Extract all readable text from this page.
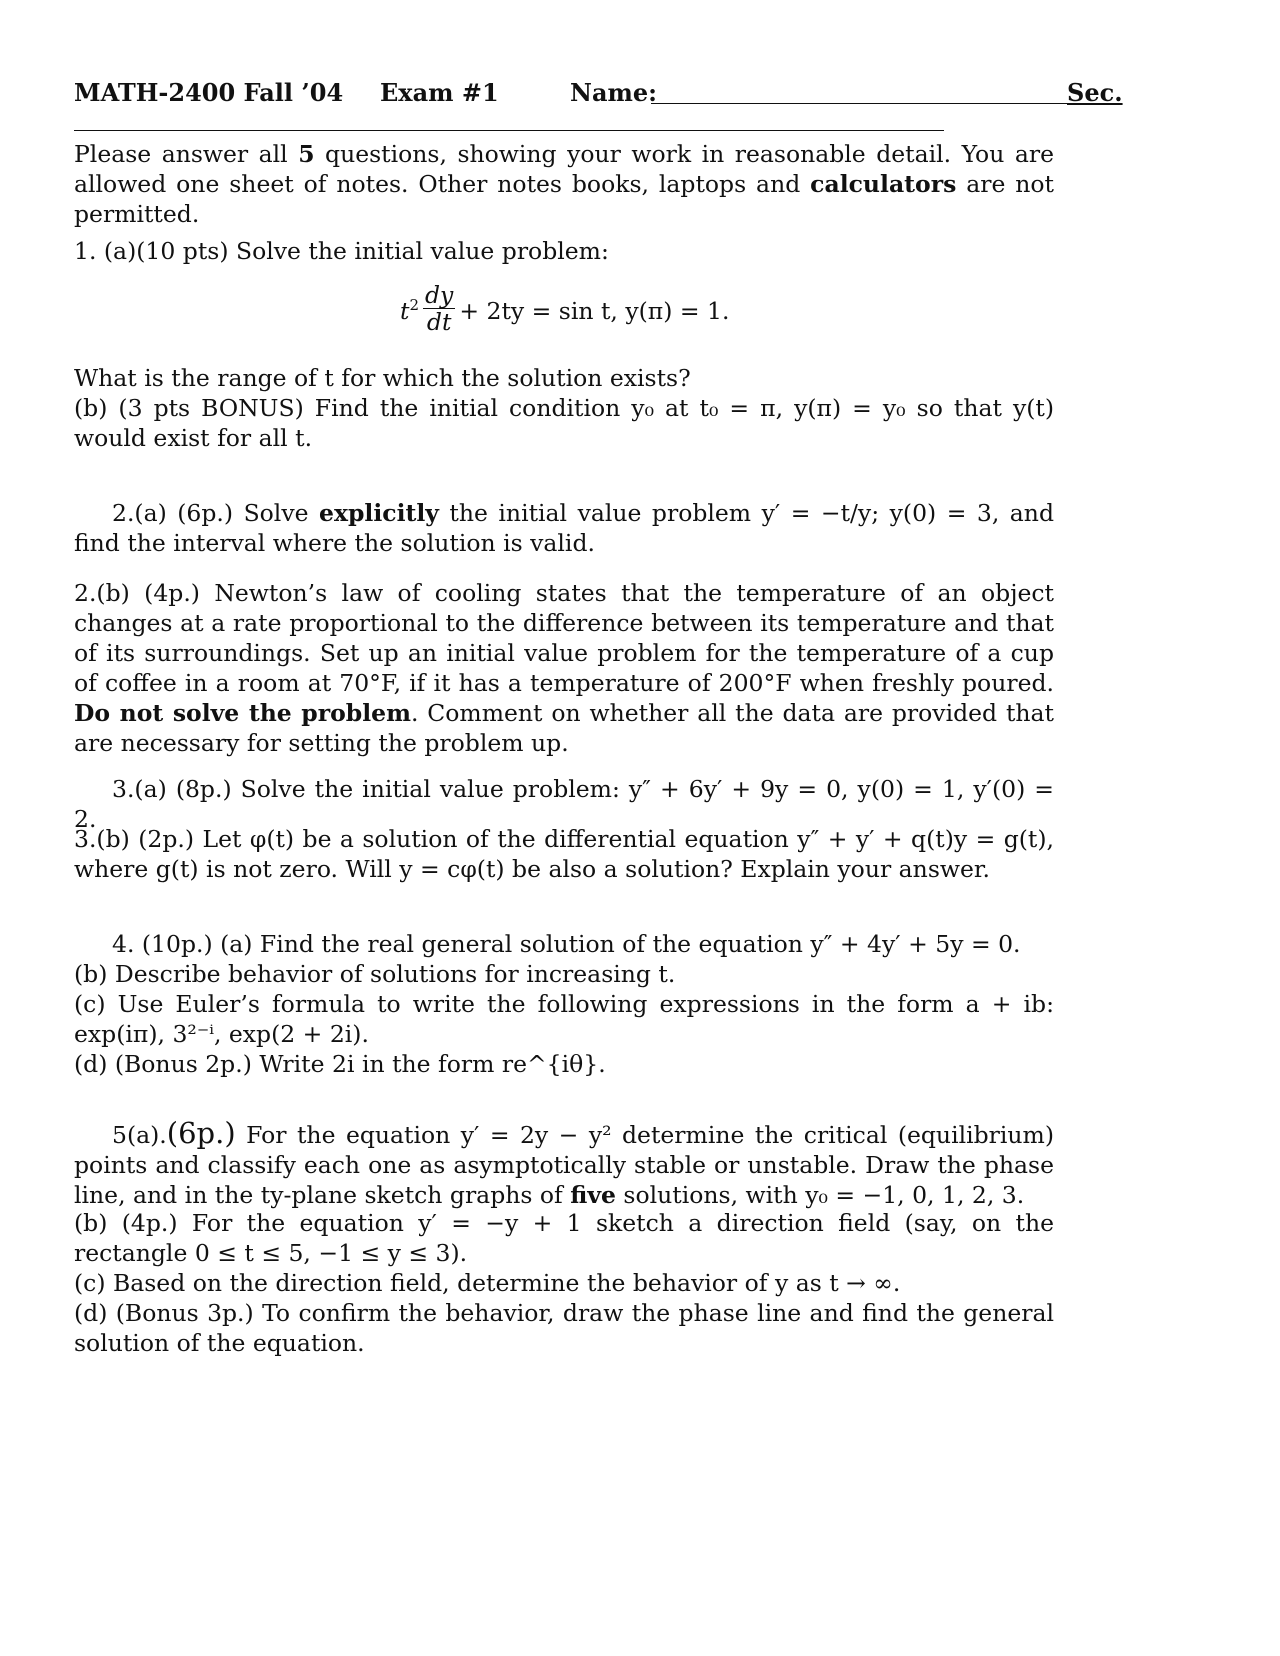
MATH-2400 Fall ’04 Exam #1	Name:	Sec.
Please answer all 5 questions, showing your work in reasonable detail. You are allowed one sheet of notes. Other notes books, laptops and calculators are not permitted.
1. (a)(10 pts) Solve the initial value problem:
$t^2 \frac{dy}{dt} + 2ty = \sin t$, y(π) = 1.
What is the range of t for which the solution exists?
(b) (3 pts BONUS) Find the initial condition y₀ at t₀ = π, y(π) = y₀ so that y(t) would exist for all t.
2.(a) (6p.) Solve explicitly the initial value problem y′ = −t/y; y(0) = 3, and find the interval where the solution is valid.
2.(b) (4p.) Newton’s law of cooling states that the temperature of an object changes at a rate proportional to the difference between its temperature and that of its surroundings. Set up an initial value problem for the temperature of a cup of coffee in a room at 70°F, if it has a temperature of 200°F when freshly poured. Do not solve the problem. Comment on whether all the data are provided that are necessary for setting the problem up.
3.(a) (8p.) Solve the initial value problem: y″ + 6y′ + 9y = 0, y(0) = 1, y′(0) = 2.
3.(b) (2p.) Let φ(t) be a solution of the differential equation y″ + y′ + q(t)y = g(t), where g(t) is not zero. Will y = cφ(t) be also a solution? Explain your answer.
4. (10p.) (a) Find the real general solution of the equation y″ + 4y′ + 5y = 0.
(b) Describe behavior of solutions for increasing t.
(c) Use Euler’s formula to write the following expressions in the form a + ib: exp(iπ), 3²⁻ⁱ, exp(2 + 2i).
(d) (Bonus 2p.) Write 2i in the form re^{iθ}.
5(a).(6p.) For the equation y′ = 2y − y² determine the critical (equilibrium) points and classify each one as asymptotically stable or unstable. Draw the phase line, and in the ty-plane sketch graphs of five solutions, with y₀ = −1, 0, 1, 2, 3.
(b) (4p.) For the equation y′ = −y + 1 sketch a direction field (say, on the rectangle 0 ≤ t ≤ 5, −1 ≤ y ≤ 3).
(c) Based on the direction field, determine the behavior of y as t → ∞.
(d) (Bonus 3p.) To confirm the behavior, draw the phase line and find the general solution of the equation.
